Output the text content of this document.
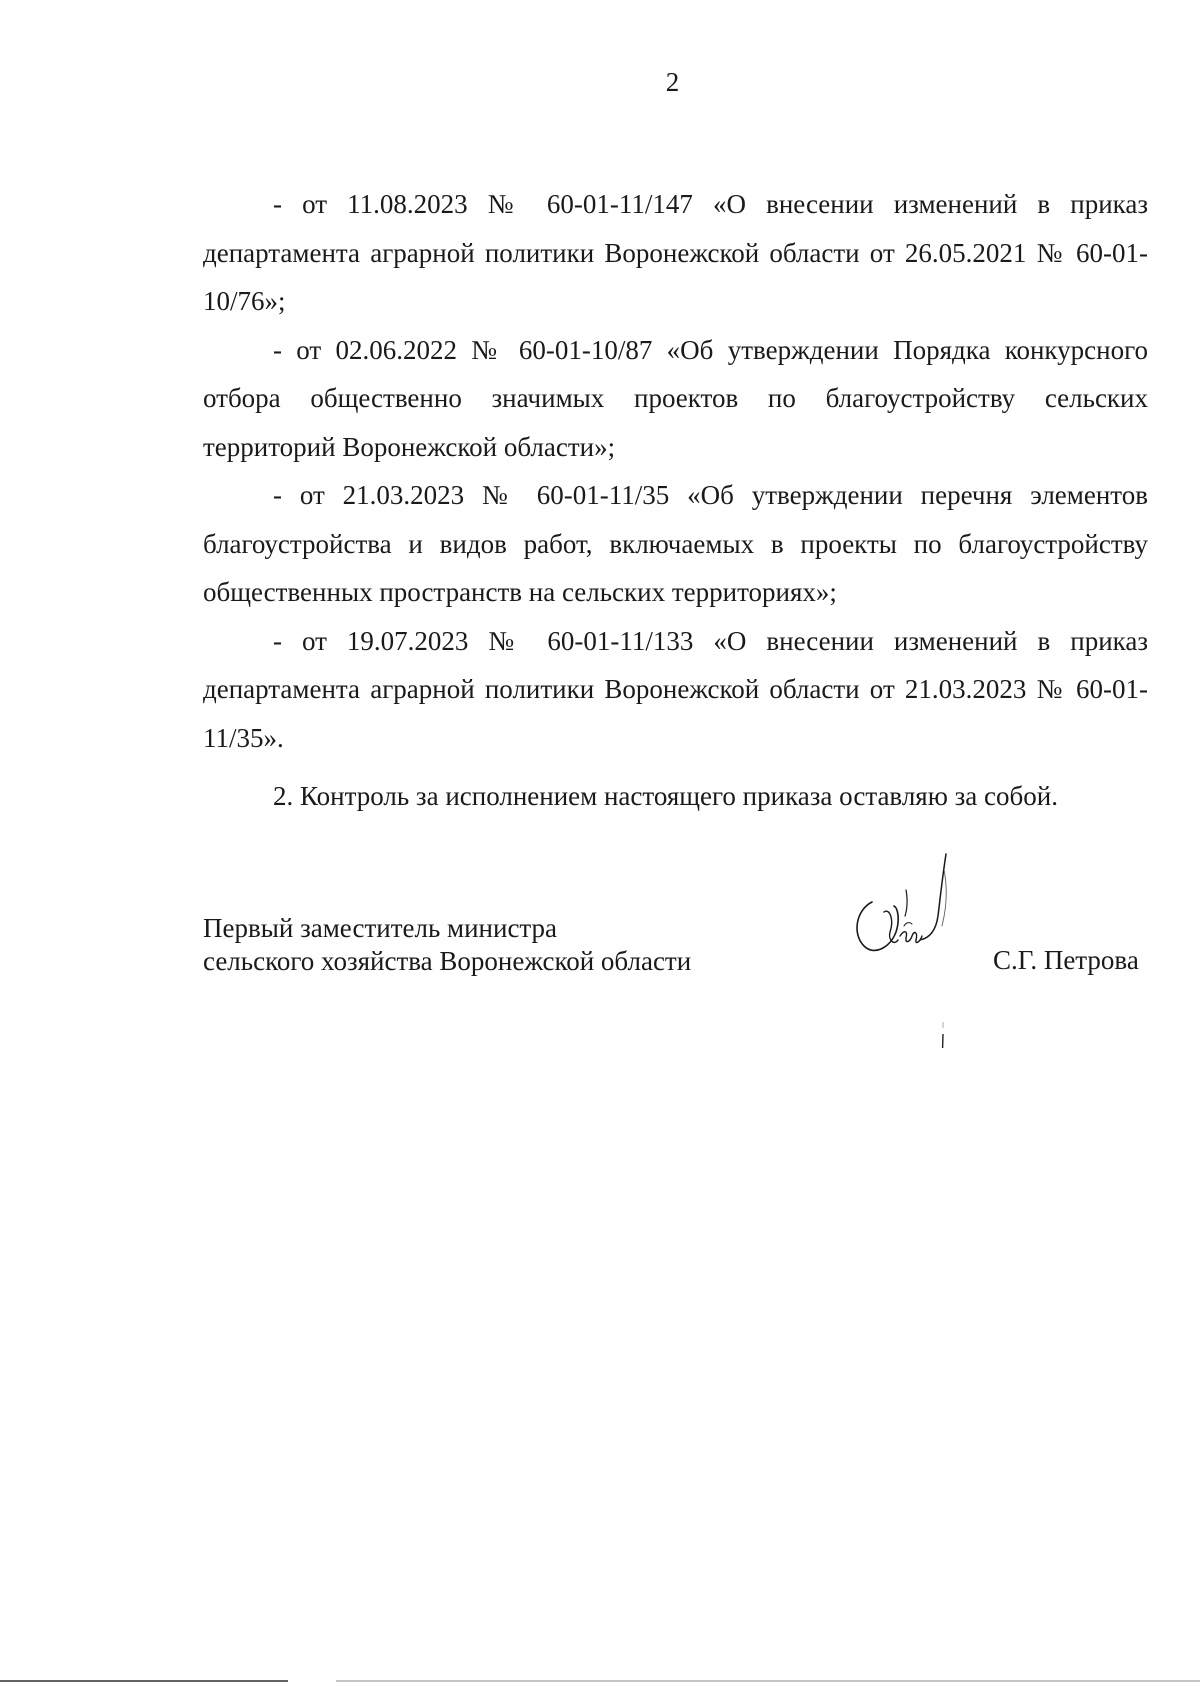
2

- от 11.08.2023 № 60-01-11/147 «О внесении изменений в приказ департамента аграрной политики Воронежской области от 26.05.2021 № 60-01-10/76»;

- от 02.06.2022 № 60-01-10/87 «Об утверждении Порядка конкурсного отбора общественно значимых проектов по благоустройству сельских территорий Воронежской области»;

- от 21.03.2023 № 60-01-11/35 «Об утверждении перечня элементов благоустройства и видов работ, включаемых в проекты по благоустройству общественных пространств на сельских территориях»;

- от 19.07.2023 № 60-01-11/133 «О внесении изменений в приказ департамента аграрной политики Воронежской области от 21.03.2023 № 60-01-11/35».

2. Контроль за исполнением настоящего приказа оставляю за собой.

Первый заместитель министра
сельского хозяйства Воронежской области	С.Г. Петрова
